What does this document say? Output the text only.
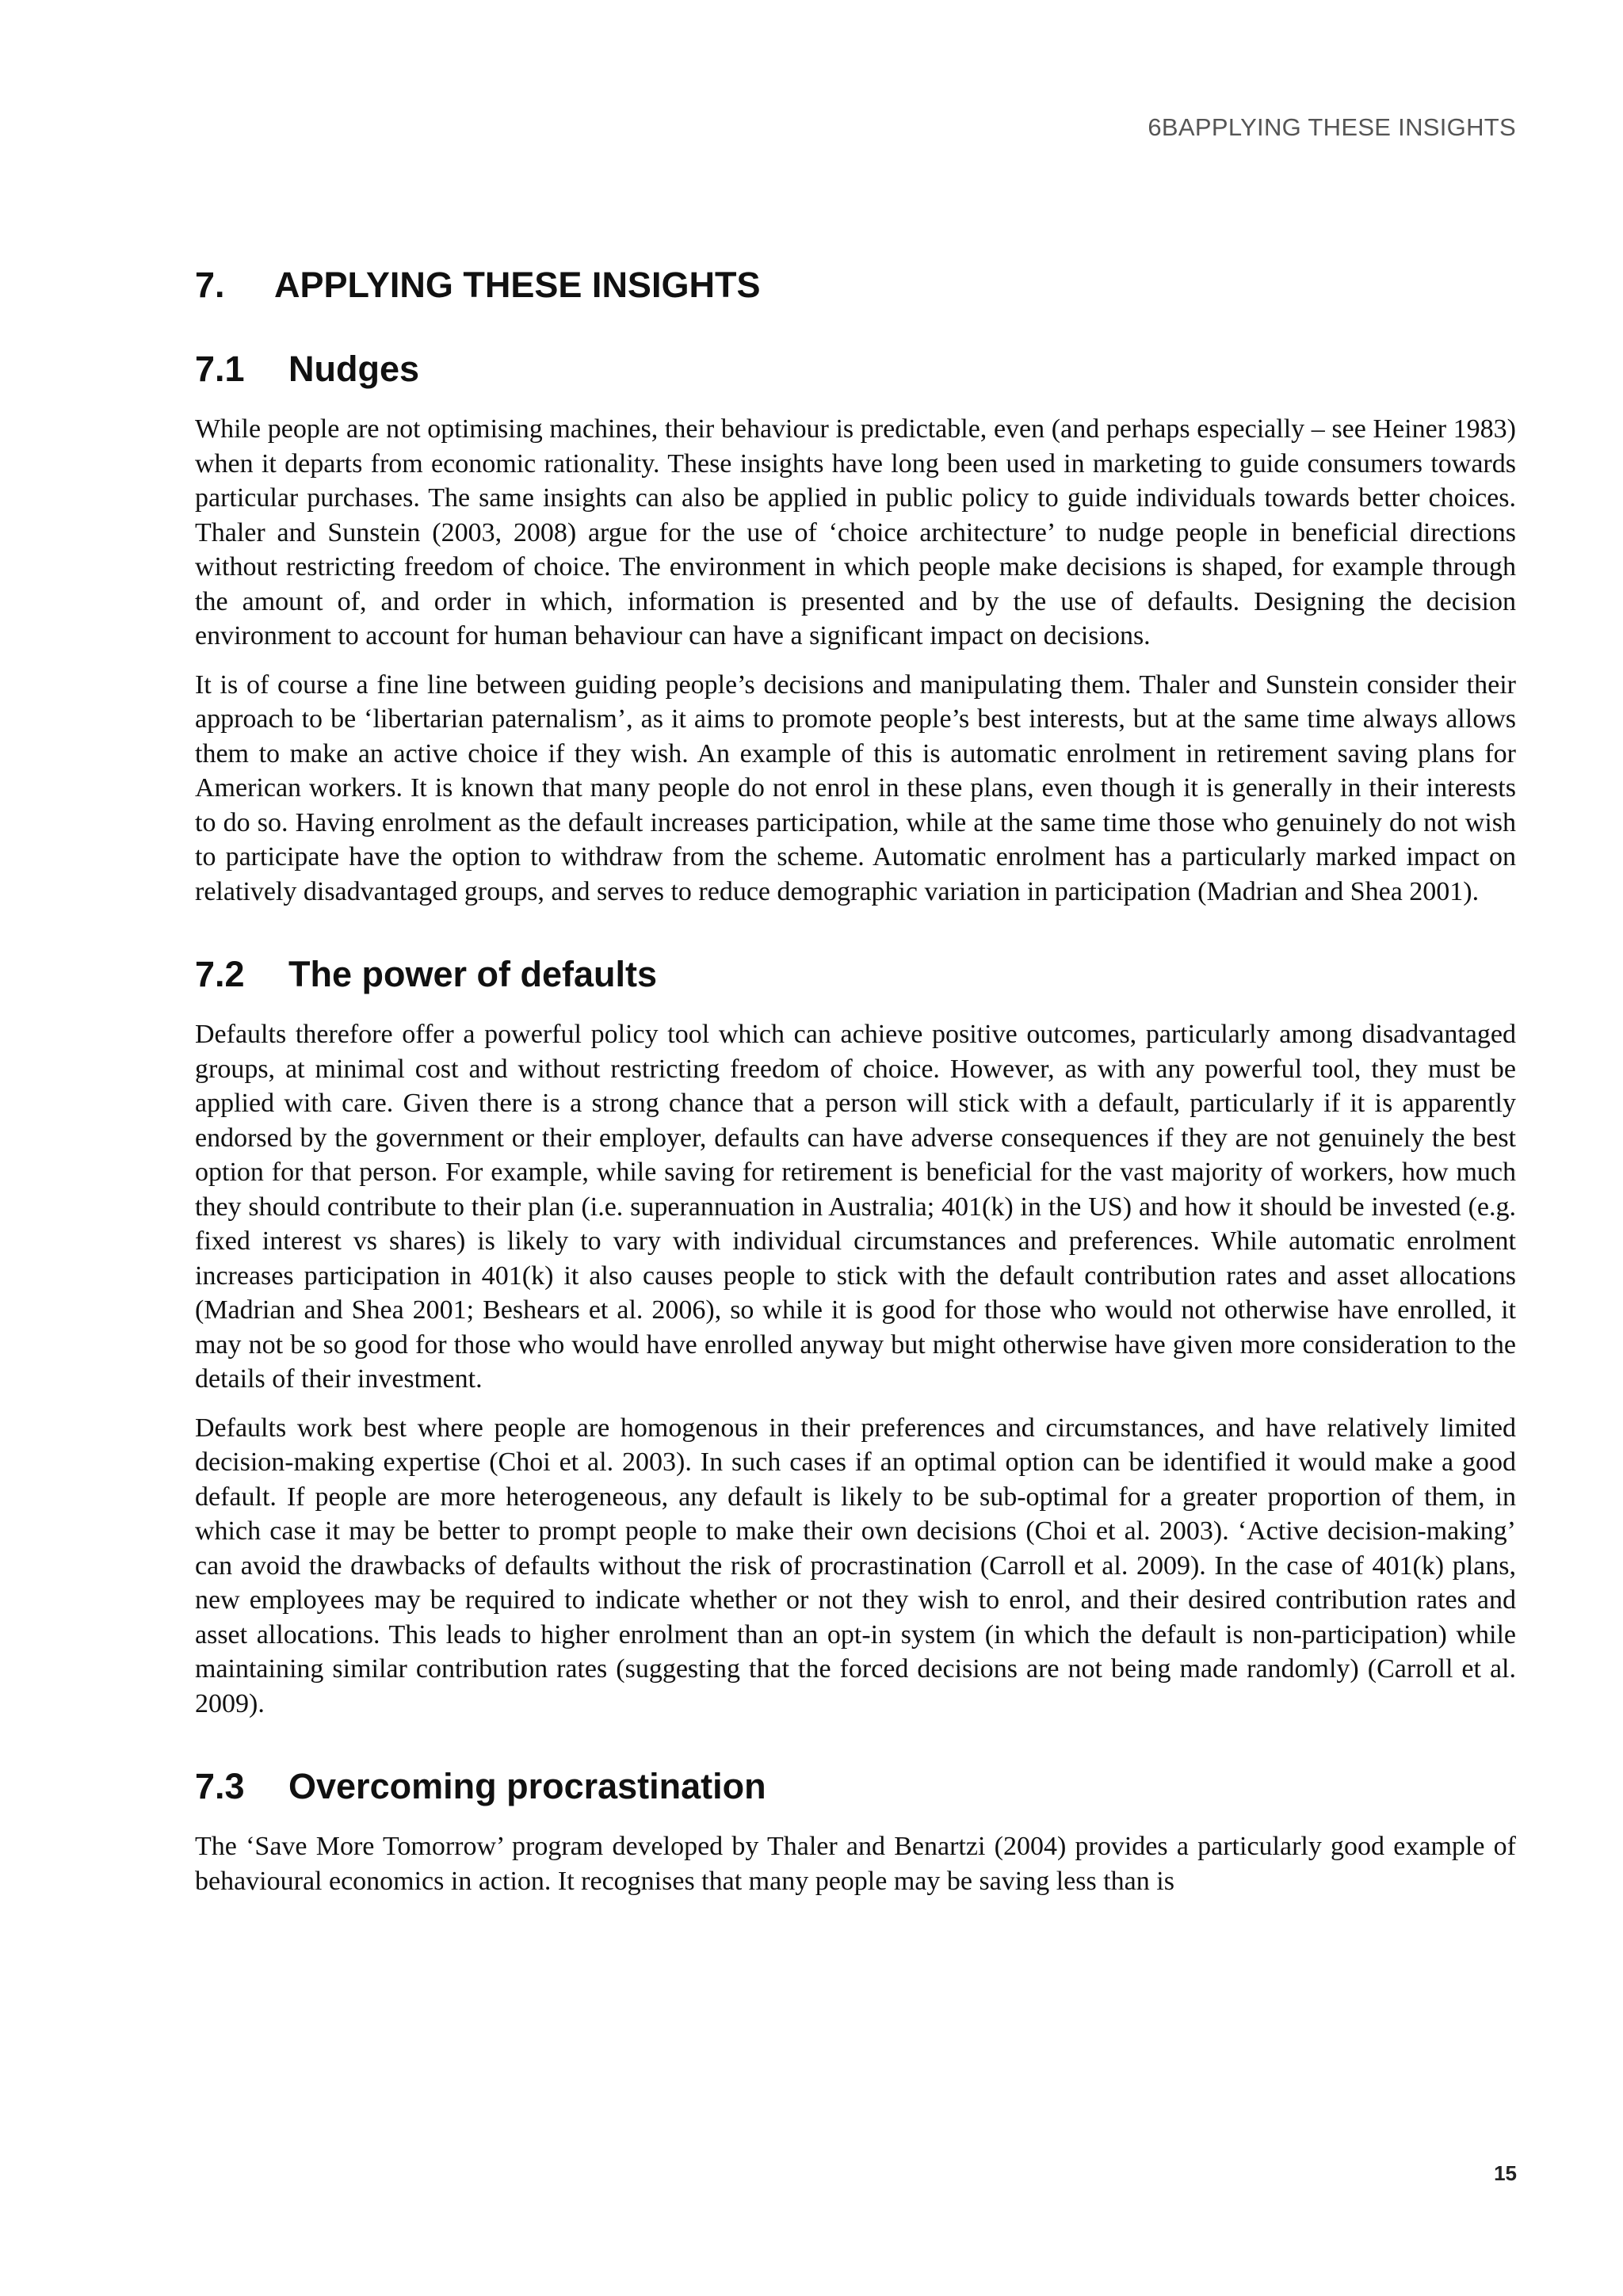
6BAPPLYING THESE INSIGHTS
7.	APPLYING THESE INSIGHTS
7.1	Nudges

While people are not optimising machines, their behaviour is predictable, even (and perhaps especially – see Heiner 1983) when it departs from economic rationality. These insights have long been used in marketing to guide consumers towards particular purchases. The same insights can also be applied in public policy to guide individuals towards better choices. Thaler and Sunstein (2003, 2008) argue for the use of ‘choice architecture’ to nudge people in beneficial directions without restricting freedom of choice. The environment in which people make decisions is shaped, for example through the amount of, and order in which, information is presented and by the use of defaults. Designing the decision environment to account for human behaviour can have a significant impact on decisions.

It is of course a fine line between guiding people’s decisions and manipulating them. Thaler and Sunstein consider their approach to be ‘libertarian paternalism’, as it aims to promote people’s best interests, but at the same time always allows them to make an active choice if they wish. An example of this is automatic enrolment in retirement saving plans for American workers. It is known that many people do not enrol in these plans, even though it is generally in their interests to do so. Having enrolment as the default increases participation, while at the same time those who genuinely do not wish to participate have the option to withdraw from the scheme. Automatic enrolment has a particularly marked impact on relatively disadvantaged groups, and serves to reduce demographic variation in participation (Madrian and Shea 2001).

7.2	The power of defaults

Defaults therefore offer a powerful policy tool which can achieve positive outcomes, particularly among disadvantaged groups, at minimal cost and without restricting freedom of choice. However, as with any powerful tool, they must be applied with care. Given there is a strong chance that a person will stick with a default, particularly if it is apparently endorsed by the government or their employer, defaults can have adverse consequences if they are not genuinely the best option for that person. For example, while saving for retirement is beneficial for the vast majority of workers, how much they should contribute to their plan (i.e. superannuation in Australia; 401(k) in the US) and how it should be invested (e.g. fixed interest vs shares) is likely to vary with individual circumstances and preferences. While automatic enrolment increases participation in 401(k) it also causes people to stick with the default contribution rates and asset allocations (Madrian and Shea 2001; Beshears et al. 2006), so while it is good for those who would not otherwise have enrolled, it may not be so good for those who would have enrolled anyway but might otherwise have given more consideration to the details of their investment.

Defaults work best where people are homogenous in their preferences and circumstances, and have relatively limited decision-making expertise (Choi et al. 2003). In such cases if an optimal option can be identified it would make a good default. If people are more heterogeneous, any default is likely to be sub-optimal for a greater proportion of them, in which case it may be better to prompt people to make their own decisions (Choi et al. 2003). ‘Active decision-making’ can avoid the drawbacks of defaults without the risk of procrastination (Carroll et al. 2009). In the case of 401(k) plans, new employees may be required to indicate whether or not they wish to enrol, and their desired contribution rates and asset allocations. This leads to higher enrolment than an opt-in system (in which the default is non-participation) while maintaining similar contribution rates (suggesting that the forced decisions are not being made randomly) (Carroll et al. 2009).

7.3	Overcoming procrastination

The ‘Save More Tomorrow’ program developed by Thaler and Benartzi (2004) provides a particularly good example of behavioural economics in action. It recognises that many people may be saving less than is

15
